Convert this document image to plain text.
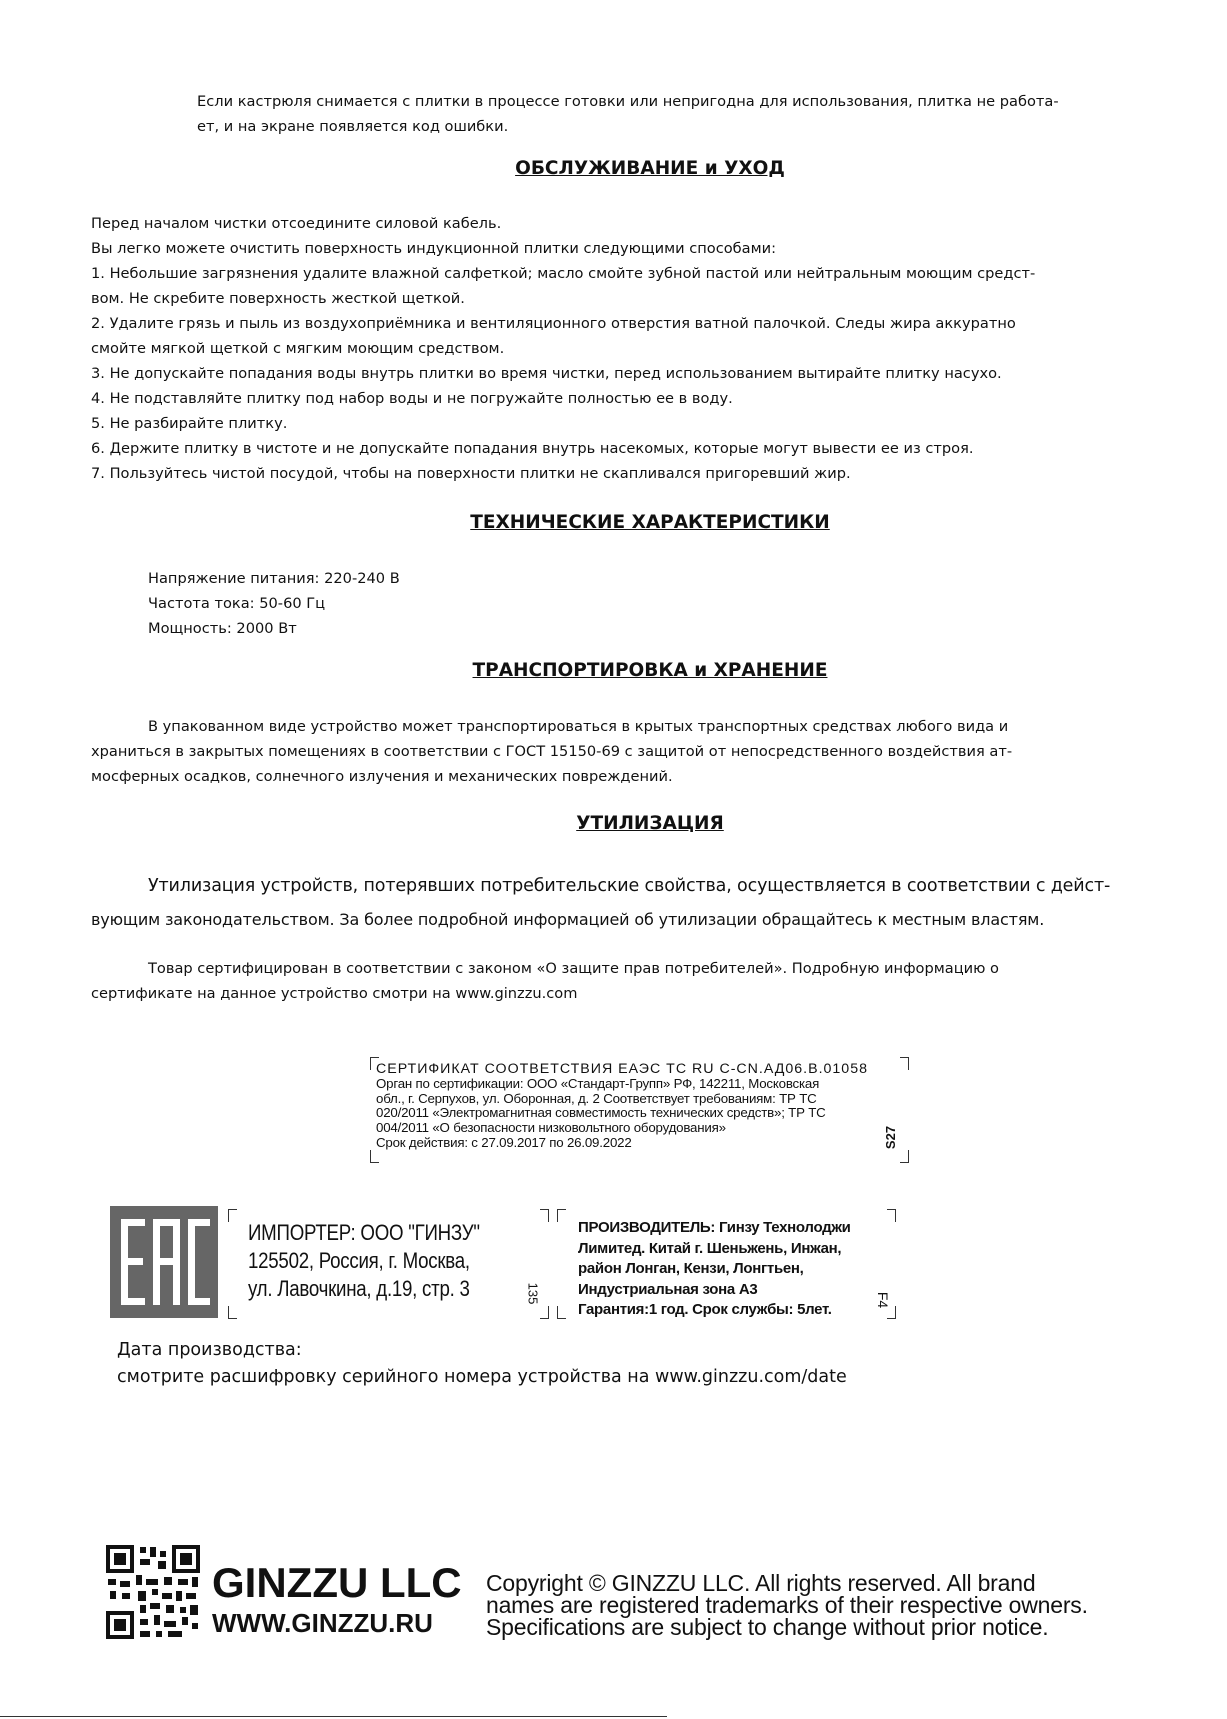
Если кастрюля снимается с плитки в процессе готовки или непригодна для использования, плитка не работа-

ет, и на экране появляется код ошибки.

ОБСЛУЖИВАНИЕ и УХОД

Перед началом чистки отсоедините силовой кабель.

Вы легко можете очистить поверхность индукционной плитки следующими способами:

1. Небольшие загрязнения удалите влажной салфеткой; масло смойте зубной пастой или нейтральным моющим средст-

вом. Не скребите поверхность жесткой щеткой.

2. Удалите грязь и пыль из воздухоприёмника и вентиляционного отверстия ватной палочкой. Следы жира аккуратно

смойте мягкой щеткой с мягким моющим средством.

3. Не допускайте попадания воды внутрь плитки во время чистки, перед использованием вытирайте плитку насухо.

4. Не подставляйте плитку под набор воды и не погружайте полностью ее в воду.

5. Не разбирайте плитку.

6. Держите плитку в чистоте и не допускайте попадания внутрь насекомых, которые могут вывести ее из строя.

7. Пользуйтесь чистой посудой, чтобы на поверхности плитки не скапливался пригоревший жир.

ТЕХНИЧЕСКИЕ ХАРАКТЕРИСТИКИ

Напряжение питания: 220-240 В

Частота тока: 50-60 Гц

Мощность: 2000 Вт

ТРАНСПОРТИРОВКА и ХРАНЕНИЕ

В упакованном виде устройство может транспортироваться в крытых транспортных средствах любого вида и

храниться в закрытых помещениях в соответствии с ГОСТ 15150-69 с защитой от непосредственного воздействия ат-

мосферных осадков, солнечного излучения и механических повреждений.

УТИЛИЗАЦИЯ

Утилизация устройств, потерявших потребительские свойства, осуществляется в соответствии с дейст-

вующим законодательством. За более подробной информацией об утилизации обращайтесь к местным властям.

Товар сертифицирован в соответствии с законом «О защите прав потребителей». Подробную информацию о

сертификате на данное устройство смотри на www.ginzzu.com

СЕРТИФИКАТ СООТВЕТСТВИЯ ЕАЭС ТС RU С-CN.АД06.В.01058
Орган по сертификации: ООО «Стандарт-Групп» РФ, 142211, Московская
обл., г. Серпухов, ул. Оборонная, д. 2 Соответствует требованиям: ТР ТС
020/2011 «Электромагнитная совместимость технических средств»; ТР ТС
004/2011 «О безопасности низковольтного оборудования»
Срок действия: с 27.09.2017 по 26.09.2022	S27
ИМПОРТЕР: ООО "ГИНЗУ"
125502, Россия, г. Москва,
ул. Лавочкина, д.19, стр. 3	135
ПРОИЗВОДИТЕЛЬ: Гинзу Технолоджи
Лимитед. Китай г. Шеньжень, Инжан,
район Лонган, Кензи, Лонгтьен,
Индустриальная зона А3
Гарантия:1 год. Срок службы: 5лет.
F4
Дата производства:
смотрите расшифровку серийного номера устройства на www.ginzzu.com/date
GINZZU LLC
WWW.GINZZU.RU
Copyright © GINZZU LLC. All rights reserved. All brand
names are registered trademarks of their respective owners.
Specifications are subject to change without prior notice.
